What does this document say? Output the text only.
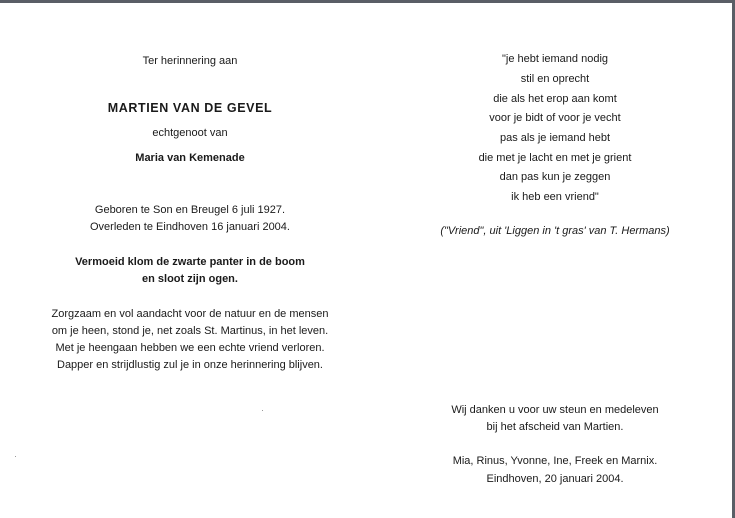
Ter herinnering aan
MARTIEN VAN DE GEVEL
echtgenoot van
Maria van Kemenade
Geboren te Son en Breugel 6 juli 1927.
Overleden te Eindhoven 16 januari 2004.
Vermoeid klom de zwarte panter in de boom
en sloot zijn ogen.
Zorgzaam en vol aandacht voor de natuur en de mensen
om je heen, stond je, net zoals St. Martinus, in het leven.
Met je heengaan hebben we een echte vriend verloren.
Dapper en strijdlustig zul je in onze herinnering blijven.
"je hebt iemand nodig
stil en oprecht
die als het erop aan komt
voor je bidt of voor je vecht
pas als je iemand hebt
die met je lacht en met je grient
dan pas kun je zeggen
ik heb een vriend"
("Vriend", uit 'Liggen in 't gras' van T. Hermans)
Wij danken u voor uw steun en medeleven
bij het afscheid van Martien.
Mia, Rinus, Yvonne, Ine, Freek en Marnix.
Eindhoven, 20 januari 2004.
